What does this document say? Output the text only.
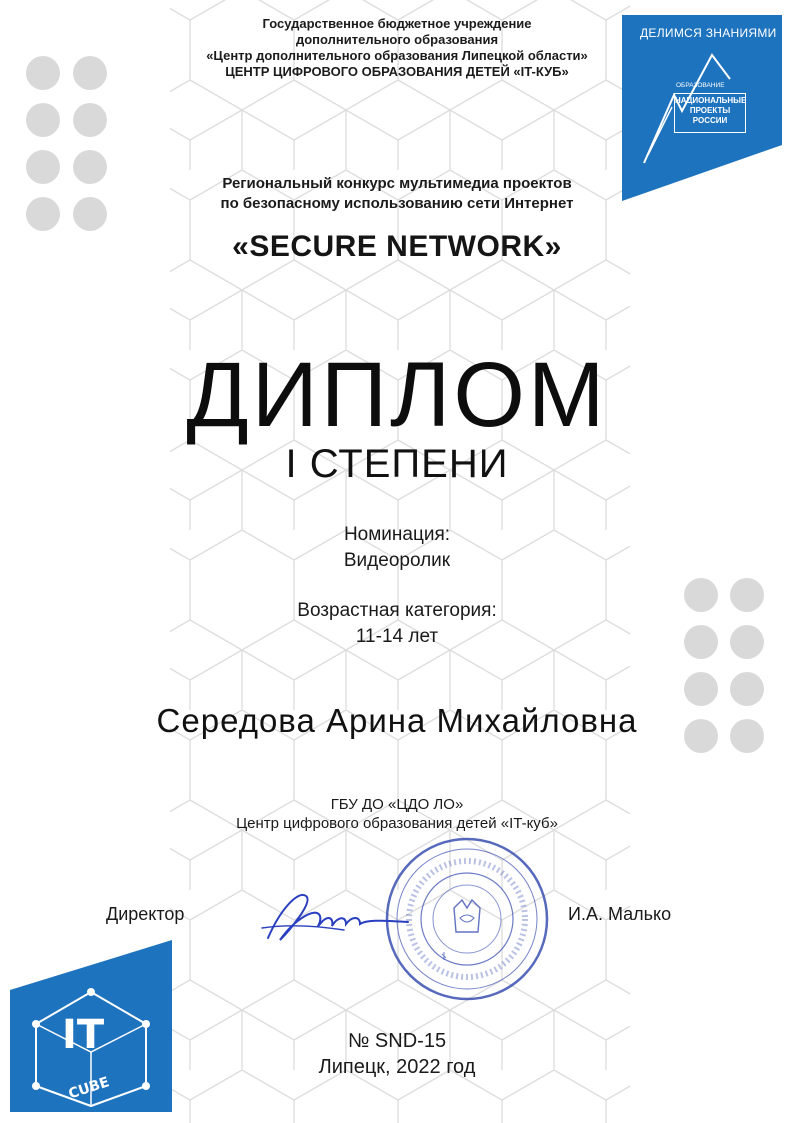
ДЕЛИМСЯ ЗНАНИЯМИ
ОБРАЗОВАНИЕ
НАЦИОНАЛЬНЫЕ
ПРОЕКТЫ
РОССИИ
Государственное бюджетное учреждение
дополнительного образования
«Центр дополнительного образования Липецкой области»
ЦЕНТР ЦИФРОВОГО ОБРАЗОВАНИЯ ДЕТЕЙ «IT-КУБ»
Региональный конкурс мультимедиа проектов
по безопасному использованию сети Интернет
«SECURE NETWORK»
ДИПЛОМ
I СТЕПЕНИ
Номинация:
Видеоролик
Возрастная категория:
11-14 лет
Середова Арина Михайловна
ГБУ ДО «ЦДО ЛО»
Центр цифрового образования детей «IT-куб»
Директор	И.А. Малько
IT
CUBE
№ SND-15
Липецк, 2022 год
